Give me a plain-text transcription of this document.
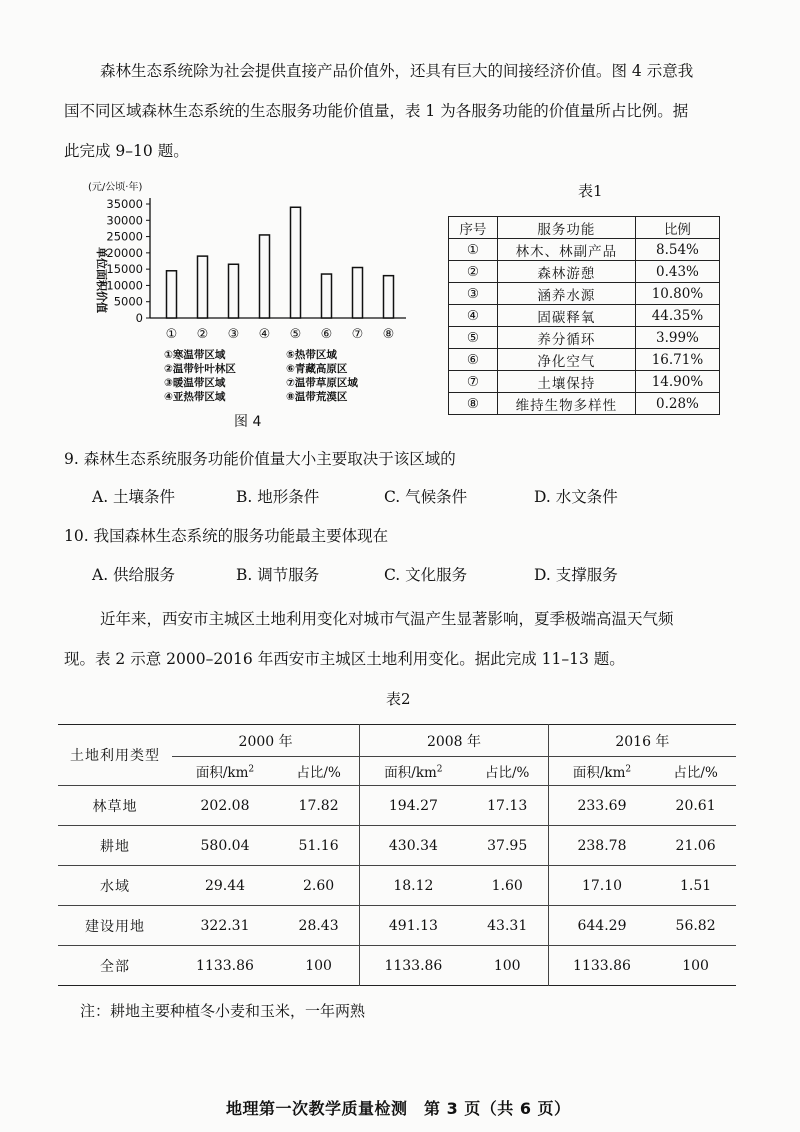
森林生态系统除为社会提供直接产品价值外，还具有巨大的间接经济价值。图 4 示意我
国不同区域森林生态系统的生态服务功能价值量，表 1 为各服务功能的价值量所占比例。据
此完成 9–10 题。
(元/公顷·年)
单位面积价值
0
5000
10000
15000
20000
25000
30000
35000
① ② ③ ④ ⑤ ⑥ ⑦ ⑧
①寒温带区域
②温带针叶林区
③暖温带区域
④亚热带区域
⑤热带区域
⑥青藏高原区
⑦温带草原区域
⑧温带荒漠区
图 4
表1
序号	服务功能	比例
①	林木、林副产品	8.54%
②	森林游憩	0.43%
③	涵养水源	10.80%
④	固碳释氧	44.35%
⑤	养分循环	3.99%
⑥	净化空气	16.71%
⑦	土壤保持	14.90%
⑧	维持生物多样性	0.28%
9. 森林生态系统服务功能价值量大小主要取决于该区域的
A. 土壤条件	B. 地形条件	C. 气候条件	D. 水文条件
10. 我国森林生态系统的服务功能最主要体现在
A. 供给服务	B. 调节服务	C. 文化服务	D. 支撑服务
近年来，西安市主城区土地利用变化对城市气温产生显著影响，夏季极端高温天气频
现。表 2 示意 2000–2016 年西安市主城区土地利用变化。据此完成 11–13 题。
表2
土地利用类型	2000 年		2008 年		2016 年	
	面积$/km^2$	占比/%	面积$/km^2$	占比/%	面积$/km^2$	占比/%
林草地	202.08	17.82	194.27	17.13	233.69	20.61
耕地	580.04	51.16	430.34	37.95	238.78	21.06
水域	29.44	2.60	18.12	1.60	17.10	1.51
建设用地	322.31	28.43	491.13	43.31	644.29	56.82
全部	1133.86	100	1133.86	100	1133.86	100
注：耕地主要种植冬小麦和玉米，一年两熟
地理第一次教学质量检测　第 3 页（共 6 页）
